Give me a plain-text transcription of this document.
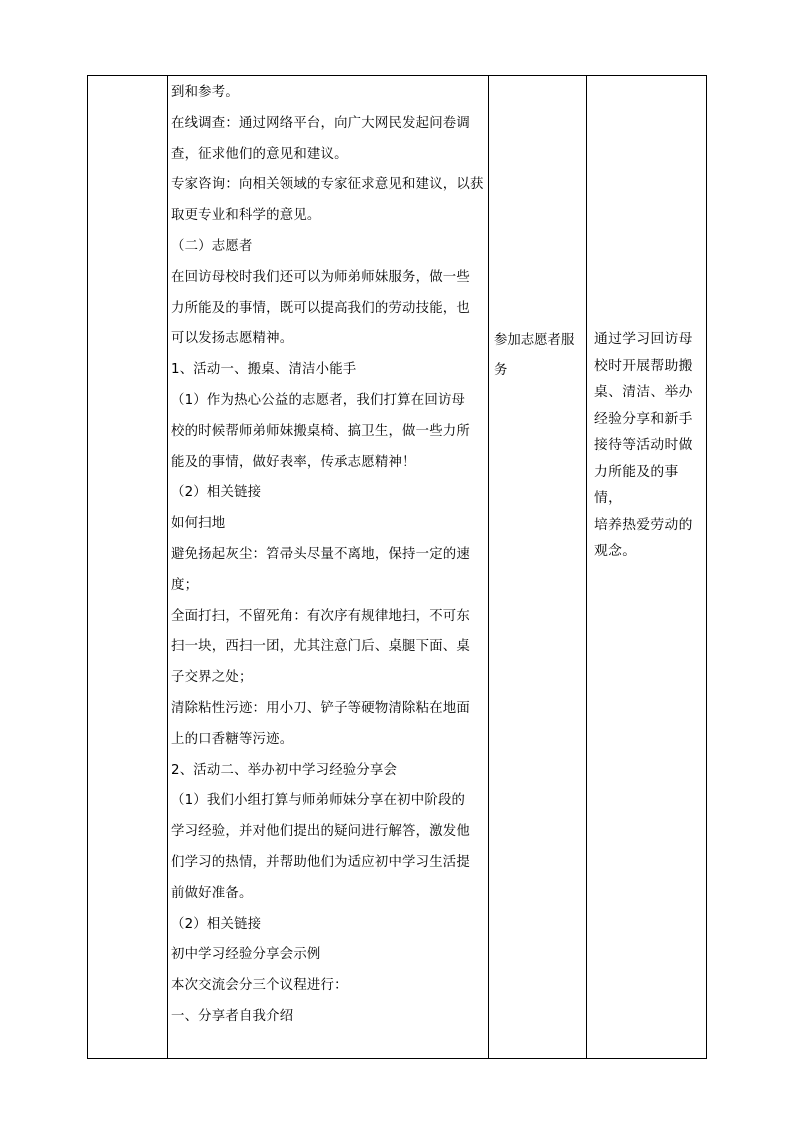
到和参考。

在线调查：通过网络平台，向广大网民发起问卷调

查，征求他们的意见和建议。

专家咨询：向相关领域的专家征求意见和建议，以获

取更专业和科学的意见。

（二）志愿者

在回访母校时我们还可以为师弟师妹服务，做一些

力所能及的事情，既可以提高我们的劳动技能，也

可以发扬志愿精神。

1、活动一、搬桌、清洁小能手

（1）作为热心公益的志愿者，我们打算在回访母

校的时候帮师弟师妹搬桌椅、搞卫生，做一些力所

能及的事情，做好表率，传承志愿精神！

（2）相关链接

如何扫地

避免扬起灰尘：笤帚头尽量不离地，保持一定的速

度；

全面打扫，不留死角：有次序有规律地扫，不可东

扫一块，西扫一团，尤其注意门后、桌腿下面、桌

子交界之处；

清除粘性污迹：用小刀、铲子等硬物清除粘在地面

上的口香糖等污迹。

2、活动二、举办初中学习经验分享会

（1）我们小组打算与师弟师妹分享在初中阶段的

学习经验，并对他们提出的疑问进行解答，激发他

们学习的热情，并帮助他们为适应初中学习生活提

前做好准备。

（2）相关链接

初中学习经验分享会示例

本次交流会分三个议程进行：

一、分享者自我介绍

参加志愿者服

务

通过学习回访母

校时开展帮助搬

桌、清洁、举办

经验分享和新手

接待等活动时做

力所能及的事情，

培养热爱劳动的

观念。
